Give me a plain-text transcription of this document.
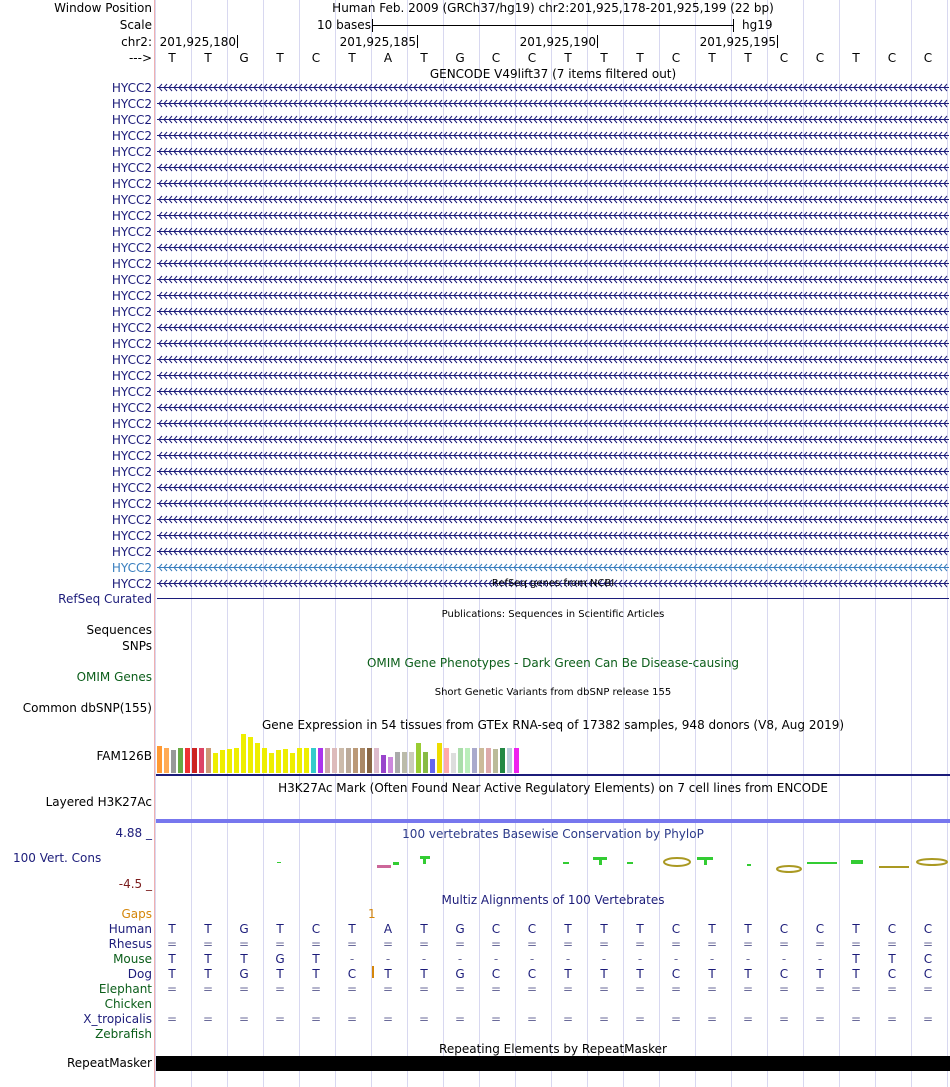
Window Position
Scale
chr2:
--->
Human Feb. 2009 (GRCh37/hg19) chr2:201,925,178-201,925,199 (22 bp)
10 bases	hg19
201,925,180	201,925,185	201,925,190	201,925,195
T	T	G	T	C	T	A	T	G	C	C	T	T	T	C	T	T	C	C	T	C	C
GENCODE V49lift37 (7 items filtered out)
HYCC2
HYCC2
HYCC2
HYCC2
HYCC2
HYCC2
HYCC2
HYCC2
HYCC2
HYCC2
HYCC2
HYCC2
HYCC2
HYCC2
HYCC2
HYCC2
HYCC2
HYCC2
HYCC2
HYCC2
HYCC2
HYCC2
HYCC2
HYCC2
HYCC2
HYCC2
HYCC2
HYCC2
HYCC2
HYCC2
HYCC2
HYCC2	RefSeq genes from NCBI
RefSeq Curated
Publications: Sequences in Scientific Articles
Sequences
SNPs
OMIM Gene Phenotypes - Dark Green Can Be Disease-causing
OMIM Genes
Short Genetic Variants from dbSNP release 155
Common dbSNP(155)
Gene Expression in 54 tissues from GTEx RNA-seq of 17382 samples, 948 donors (V8, Aug 2019)
FAM126B
H3K27Ac Mark (Often Found Near Active Regulatory Elements) on 7 cell lines from ENCODE
Layered H3K27Ac
100 vertebrates Basewise Conservation by PhyloP
4.88 _
100 Vert. Cons
-4.5 _
Multiz Alignments of 100 Vertebrates
Gaps	1
Human	T	T	G	T	C	T	A	T	G	C	C	T	T	T	C	T	T	C	C	T	C	C
Rhesus	=	=	=	=	=	=	=	=	=	=	=	=	=	=	=	=	=	=	=	=	=	=
Mouse	T	T	T	G	T	-	-	-	-	-	-	-	-	-	-	-	-	-	-	T	T	C
Dog	T	T	G	T	T	C	T	T	G	C	C	T	T	T	C	T	T	C	T	T	C	C
Elephant	=	=	=	=	=	=	=	=	=	=	=	=	=	=	=	=	=	=	=	=	=	=
Chicken
X_tropicalis	=	=	=	=	=	=	=	=	=	=	=	=	=	=	=	=	=	=	=	=	=	=
Zebrafish
Repeating Elements by RepeatMasker
RepeatMasker
